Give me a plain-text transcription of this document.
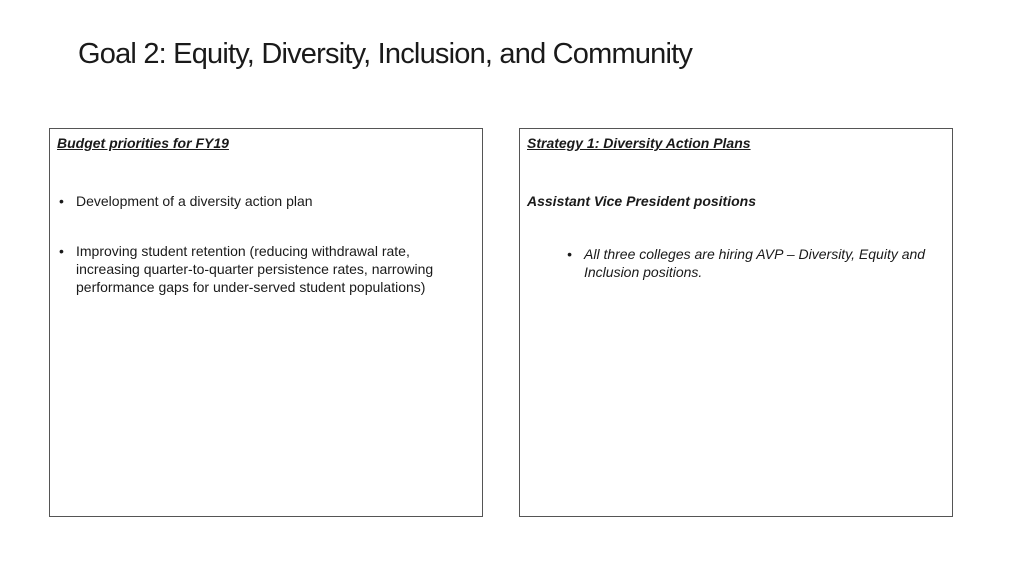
Goal 2: Equity, Diversity, Inclusion, and Community

Budget priorities for FY19

• Development of a diversity action plan
• Improving student retention (reducing withdrawal rate, increasing quarter-to-quarter persistence rates, narrowing performance gaps for under-served student populations)

Strategy 1: Diversity Action Plans

Assistant Vice President positions

• All three colleges are hiring AVP – Diversity, Equity and Inclusion positions.
